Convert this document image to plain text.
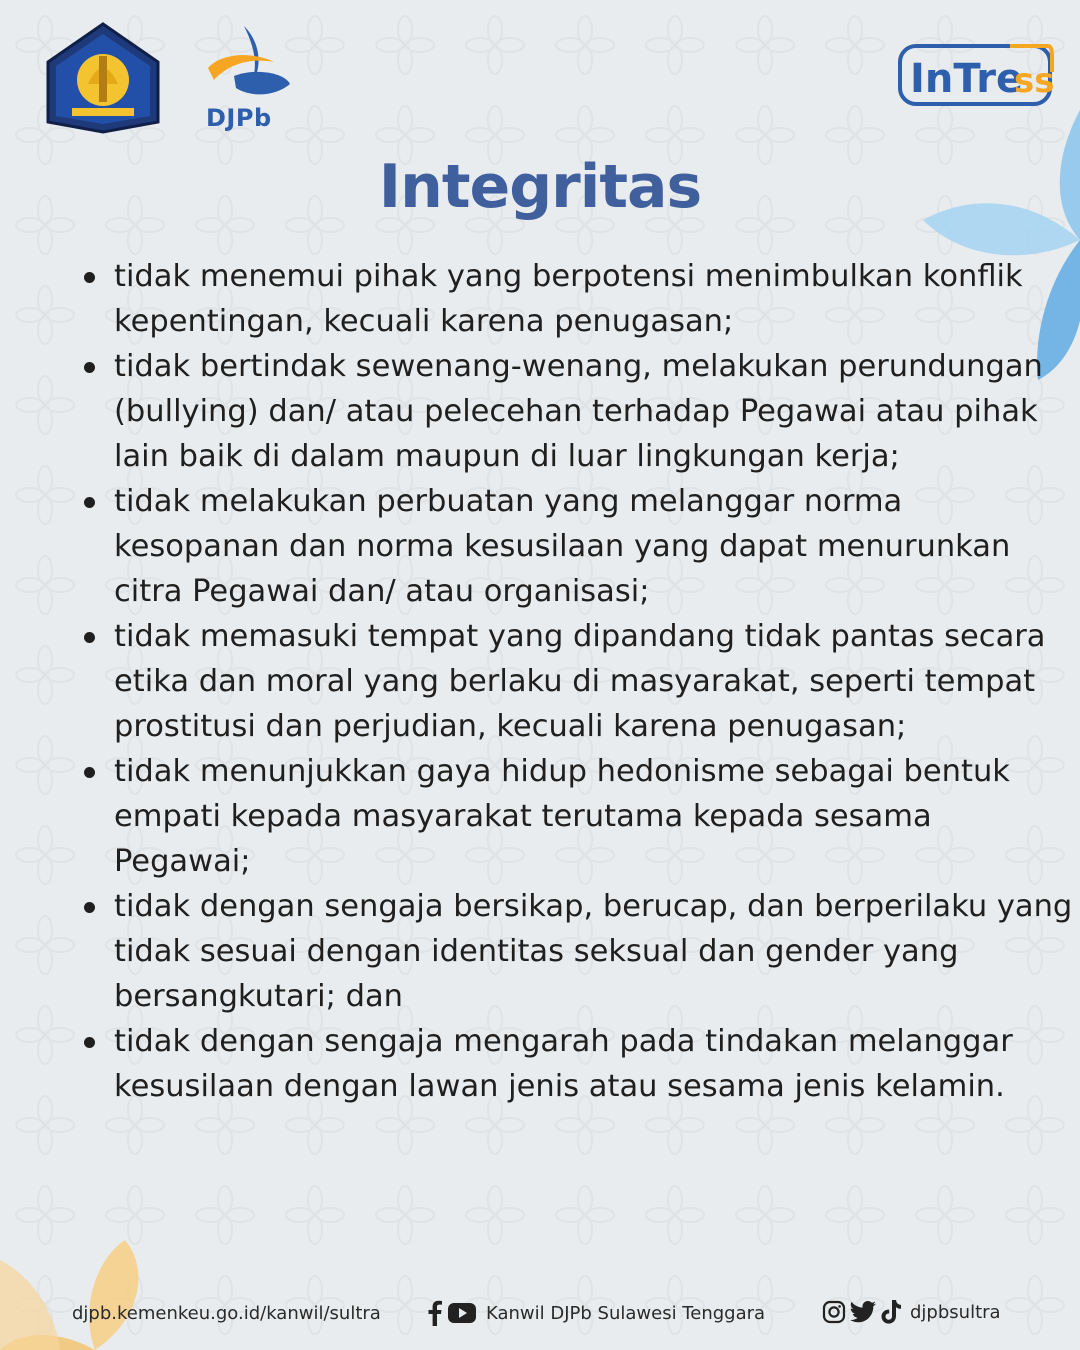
DJPb
InTre
ss
Integritas
tidak menemui pihak yang berpotensi menimbulkan konflik kepentingan, kecuali karena penugasan;
tidak bertindak sewenang-wenang, melakukan perundungan (bullying) dan/ atau pelecehan terhadap Pegawai atau pihak lain baik di dalam maupun di luar lingkungan kerja;
tidak melakukan perbuatan yang melanggar norma kesopanan dan norma kesusilaan yang dapat menurunkan citra Pegawai dan/ atau organisasi;
tidak memasuki tempat yang dipandang tidak pantas secara etika dan moral yang berlaku di masyarakat, seperti tempat prostitusi dan perjudian, kecuali karena penugasan;
tidak menunjukkan gaya hidup hedonisme sebagai bentuk empati kepada masyarakat terutama kepada sesama Pegawai;
tidak dengan sengaja bersikap, berucap, dan berperilaku yang tidak sesuai dengan identitas seksual dan gender yang bersangkutari; dan
tidak dengan sengaja mengarah pada tindakan melanggar kesusilaan dengan lawan jenis atau sesama jenis kelamin.
djpb.kemenkeu.go.id/kanwil/sultra	Kanwil DJPb Sulawesi Tenggara	djpbsultra
